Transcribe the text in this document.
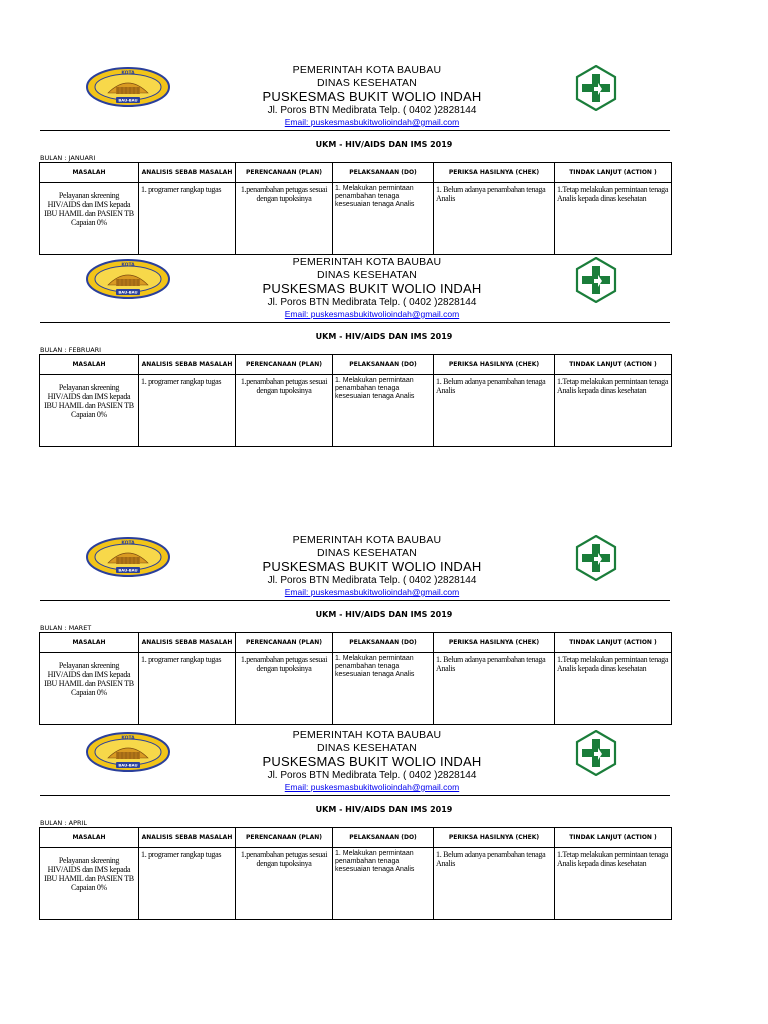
KOTA
BAU-BAU
PEMERINTAH KOTA BAUBAU
DINAS KESEHATAN
PUSKESMAS BUKIT WOLIO INDAH
Jl. Poros BTN Medibrata Telp. ( 0402 )2828144
Email: puskesmasbukitwolioindah@gmail.com
UKM - HIV/AIDS DAN IMS 2019
BULAN : JANUARI
MASALAH	ANALISIS SEBAB MASALAH	PERENCANAAN (PLAN)	PELAKSANAAN (DO)	PERIKSA HASILNYA (CHEK)	TINDAK LANJUT (ACTION )
Pelayanan skreening HIV/AIDS dan IMS kepada IBU HAMIL dan PASIEN TB Capaian 0%	1. programer rangkap tugas	1.penambahan petugas sesuai dengan tupoksinya	1. Melakukan permintaan penambahan tenaga kesesuaian tenaga Analis	1. Belum adanya penambahan tenaga Analis	1.Tetap melakukan permintaan tenaga Analis kepada dinas kesehatan
KOTA
BAU-BAU
PEMERINTAH KOTA BAUBAU
DINAS KESEHATAN
PUSKESMAS BUKIT WOLIO INDAH
Jl. Poros BTN Medibrata Telp. ( 0402 )2828144
Email: puskesmasbukitwolioindah@gmail.com
UKM - HIV/AIDS DAN IMS 2019
BULAN : FEBRUARI
MASALAH	ANALISIS SEBAB MASALAH	PERENCANAAN (PLAN)	PELAKSANAAN (DO)	PERIKSA HASILNYA (CHEK)	TINDAK LANJUT (ACTION )
Pelayanan skreening HIV/AIDS dan IMS kepada IBU HAMIL dan PASIEN TB Capaian 0%	1. programer rangkap tugas	1.penambahan petugas sesuai dengan tupoksinya	1. Melakukan permintaan penambahan tenaga kesesuaian tenaga Analis	1. Belum adanya penambahan tenaga Analis	1.Tetap melakukan permintaan tenaga Analis kepada dinas kesehatan
KOTA
BAU-BAU
PEMERINTAH KOTA BAUBAU
DINAS KESEHATAN
PUSKESMAS BUKIT WOLIO INDAH
Jl. Poros BTN Medibrata Telp. ( 0402 )2828144
Email: puskesmasbukitwolioindah@gmail.com
UKM - HIV/AIDS DAN IMS 2019
BULAN : MARET
MASALAH	ANALISIS SEBAB MASALAH	PERENCANAAN (PLAN)	PELAKSANAAN (DO)	PERIKSA HASILNYA (CHEK)	TINDAK LANJUT (ACTION )
Pelayanan skreening HIV/AIDS dan IMS kepada IBU HAMIL dan PASIEN TB Capaian 0%	1. programer rangkap tugas	1.penambahan petugas sesuai dengan tupoksinya	1. Melakukan permintaan penambahan tenaga kesesuaian tenaga Analis	1. Belum adanya penambahan tenaga Analis	1.Tetap melakukan permintaan tenaga Analis kepada dinas kesehatan
KOTA
BAU-BAU
PEMERINTAH KOTA BAUBAU
DINAS KESEHATAN
PUSKESMAS BUKIT WOLIO INDAH
Jl. Poros BTN Medibrata Telp. ( 0402 )2828144
Email: puskesmasbukitwolioindah@gmail.com
UKM - HIV/AIDS DAN IMS 2019
BULAN : APRIL
MASALAH	ANALISIS SEBAB MASALAH	PERENCANAAN (PLAN)	PELAKSANAAN (DO)	PERIKSA HASILNYA (CHEK)	TINDAK LANJUT (ACTION )
Pelayanan skreening HIV/AIDS dan IMS kepada IBU HAMIL dan PASIEN TB Capaian 0%	1. programer rangkap tugas	1.penambahan petugas sesuai dengan tupoksinya	1. Melakukan permintaan penambahan tenaga kesesuaian tenaga Analis	1. Belum adanya penambahan tenaga Analis	1.Tetap melakukan permintaan tenaga Analis kepada dinas kesehatan
